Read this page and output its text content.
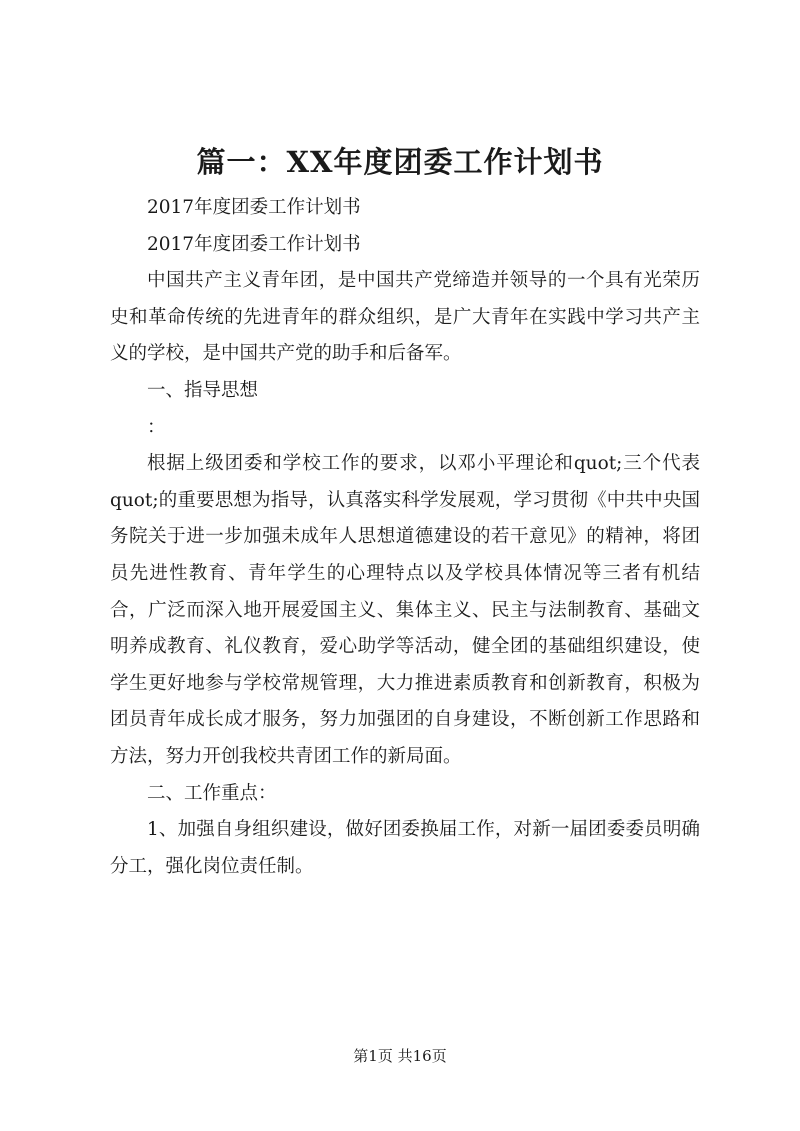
篇一：XX年度团委工作计划书

2017年度团委工作计划书

2017年度团委工作计划书

中国共产主义青年团，是中国共产党缔造并领导的一个具有光荣历史和革命传统的先进青年的群众组织，是广大青年在实践中学习共产主义的学校，是中国共产党的助手和后备军。

一、指导思想

：

根据上级团委和学校工作的要求，以邓小平理论和quot;三个代表quot;的重要思想为指导，认真落实科学发展观，学习贯彻《中共中央国务院关于进一步加强未成年人思想道德建设的若干意见》的精神，将团员先进性教育、青年学生的心理特点以及学校具体情况等三者有机结合，广泛而深入地开展爱国主义、集体主义、民主与法制教育、基础文明养成教育、礼仪教育，爱心助学等活动，健全团的基础组织建设，使学生更好地参与学校常规管理，大力推进素质教育和创新教育，积极为团员青年成长成才服务，努力加强团的自身建设，不断创新工作思路和方法，努力开创我校共青团工作的新局面。

二、工作重点：

1、加强自身组织建设，做好团委换届工作，对新一届团委委员明确分工，强化岗位责任制。

第1页 共16页
